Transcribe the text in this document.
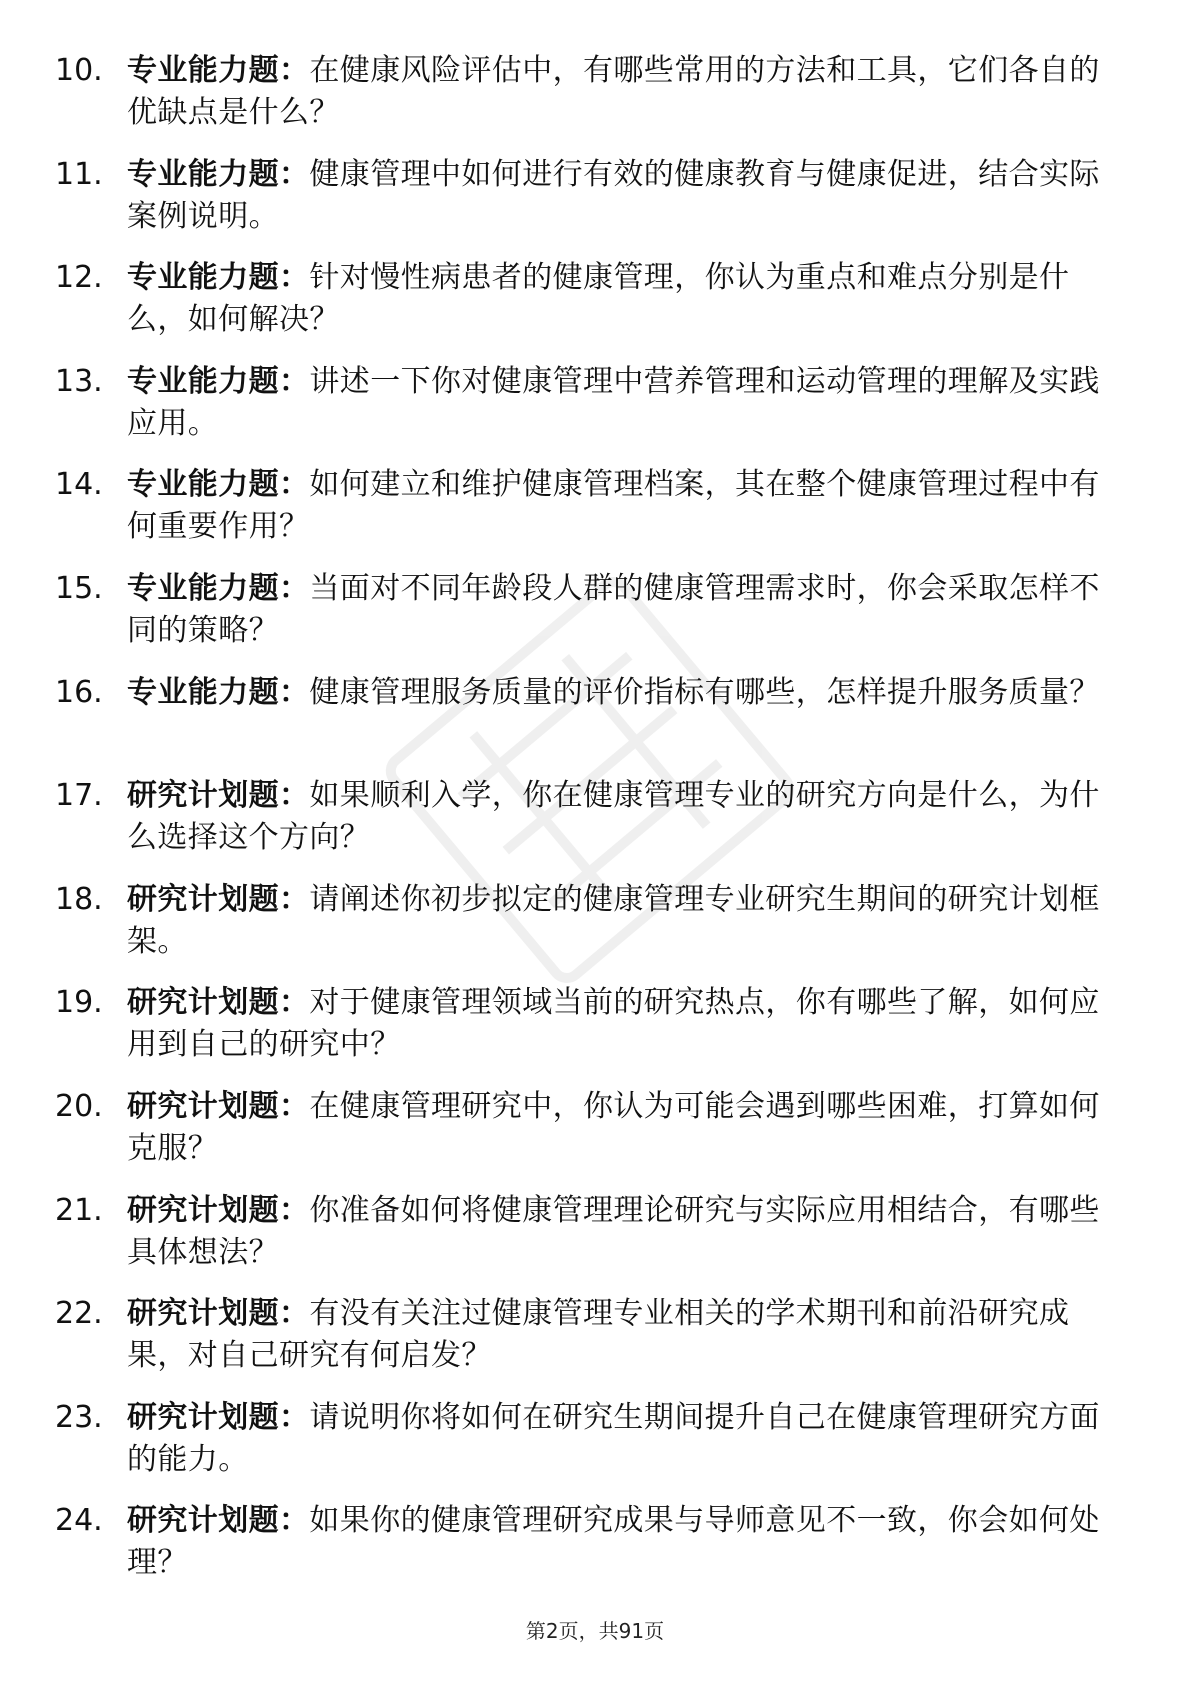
10. 专业能力题：在健康风险评估中，有哪些常用的方法和工具，它们各自的优缺点是什么？
11. 专业能力题：健康管理中如何进行有效的健康教育与健康促进，结合实际案例说明。
12. 专业能力题：针对慢性病患者的健康管理，你认为重点和难点分别是什么，如何解决？
13. 专业能力题：讲述一下你对健康管理中营养管理和运动管理的理解及实践应用。
14. 专业能力题：如何建立和维护健康管理档案，其在整个健康管理过程中有何重要作用？
15. 专业能力题：当面对不同年龄段人群的健康管理需求时，你会采取怎样不同的策略？
16. 专业能力题：健康管理服务质量的评价指标有哪些，怎样提升服务质量？
17. 研究计划题：如果顺利入学，你在健康管理专业的研究方向是什么，为什么选择这个方向？
18. 研究计划题：请阐述你初步拟定的健康管理专业研究生期间的研究计划框架。
19. 研究计划题：对于健康管理领域当前的研究热点，你有哪些了解，如何应用到自己的研究中？
20. 研究计划题：在健康管理研究中，你认为可能会遇到哪些困难，打算如何克服？
21. 研究计划题：你准备如何将健康管理理论研究与实际应用相结合，有哪些具体想法？
22. 研究计划题：有没有关注过健康管理专业相关的学术期刊和前沿研究成果，对自己研究有何启发？
23. 研究计划题：请说明你将如何在研究生期间提升自己在健康管理研究方面的能力。
24. 研究计划题：如果你的健康管理研究成果与导师意见不一致，你会如何处理？
第2页，共91页
